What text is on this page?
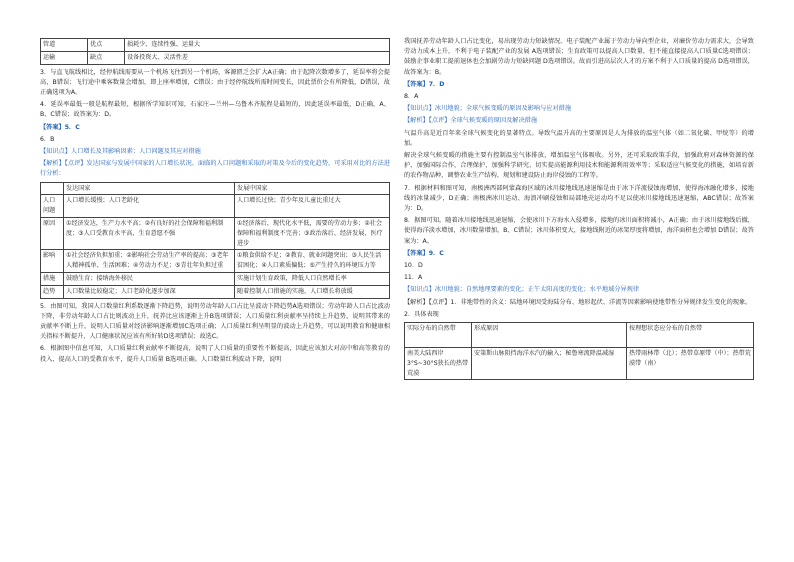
管道	优点	损耗少、连续性强、运量大
运输	缺点	设备投资大、灵活性差

3．与直飞航线相比，经停航线需要从一个机场飞往到另一个机场，客源匮乏会扩大A正确；由于起降次数增多了，延误率将会提高，B错误；飞行途中乘客数量会增加，即上座率增加，C错误；由于经停航线所需时间变长，因此票价会有所降低，D错误，故正确选项为A。

4．延误率最低一般是航程最短，根据所学知识可知，石家庄—兰州—乌鲁木齐航程是最短的，因此延误率最低，D正确，A、B、C错误；故答案为：D。

【答案】5．C

6．B

【知识点】人口增长及其影响因素；人口问题及其应对措施

【解析】【点评】发达国家与发展中国家的人口增长状况、面临的人口问题和采取的对策及今后的变化趋势，可采用对比的方法进行分析：

	发达国家	发展中国家
人口问题	人口增长缓慢；人口老龄化	人口增长过快；青少年及儿童比重过大
原因	①经济发达，生产力水平高；②有良好的社会保障和福利制度；③人口受教育水平高，生育意愿不强	①经济落后，现代化水平低，需要的劳动力多；②社会保障和福利制度不完善；③政治落后、经济发展、医疗进步
影响	①社会经济负担加重；②影响社会劳动生产率的提高；③老年人精神孤单、生活困难；④劳动力不足；⑤青壮年负担过重	①粮食供给不足；②教育、就业问题突出；③人民生活贫困化；④人口素质偏低；⑤产生持久的环境压力等
措施	鼓励生育；接纳海外移民	实施计划生育政策，降低人口自然增长率
趋势	人口数量比较稳定；人口老龄化逐步加深	随着控制人口措施的实施，人口增长将放缓

5．由图可知，我国人口数量红利系数逐渐下降趋势，说明劳动年龄人口占比呈波动下降趋势A选项错误；劳动年龄人口占比波动下降，非劳动年龄人口占比则波动上升，抚养比应该逐渐上升B选项错误；人口质量红利贡献率呈持续上升趋势，说明其带来的贡献率不断上升，说明人口质量对经济影响逐渐增加C选项正确；人口质量红利呈明显的波动上升趋势，可以说明教育和健康相关指标不断提升，人口健康状况应该有所好转D选项错误；故选C。

6．根据图中信息可知，人口质量红利贡献率不断提高，说明了人口质量的重要性不断提高，因此应该加大对高中和高等教育的投入，提高人口的受教育水平，提升人口质量 B选项正确。人口数量红利波动下降，说明

我国抚养劳动年龄人口占比变化，易出现劳动力短缺情况。电子装配产业属于劳动力导向型企业，对廉价劳动力需求大，会导致劳动力成本上升，不利于电子装配产业的发展 A选项错误；生育政策可以提高人口数量，但不能直接提高人口质量C选项错误；鼓励企事业职工提前退休也会加剧劳动力短缺问题 D选项错误。故而引进高层次人才的方案不利于人口质量的提高 D选项错误，故答案为：B。

【答案】7．D

8．A

【知识点】冰川地貌；全球气候变暖的原因及影响与应对措施

【解析】【点评】全球气候变暖的原因及解决措施

气温升高是近百年来全球气候变化的显著特点。导致气温升高的主要原因是人为排放的温室气体（如二氧化碳、甲烷等）的增加。

解决全球气候变暖的措施主要有控制温室气体排放，增加温室气体吸收。另外，还可采取政策手段，加强政府对森林资源的保护，加强国际合作，合理保护，加强科学研究、切实提高能源利用技术和能源利用效率等；采取适应气候变化的措施，如培育新的农作物品种，调整农业生产结构、规划和建设防止海岸侵蚀的工程等。

7．根据材料和图可知，南极洲西部阿蒙森海区域的冰川接地线迅速退缩是由于冰下洋流侵蚀海增加，使得海冰融化增多，接地线的冰量减少，D正确；南极洲冰川运动、海浪冲刷侵蚀和局部地壳运动均不足以使冰川接地线迅速退缩，ABC错误；故答案为：D。

8．据图可知，随着冰川接地线迅速退缩，会使冰川下方海水入侵增多，接地的冰川面积将减小，A正确；由于冰川接地线后撤，使得海洋淡水增加，冰川数量增加，B、C错误；冰川体积变大，接地线附近的冰架厚度将增加，海洋面积也会增加 D错误；故答案为：A。

【答案】9．C

10．D

11．A

【知识点】冰川地貌；自然地理要素的变化；正午太阳高度的变化；水平地域分异规律

【解析】【点评】1．非地带性的含义：陆地环境因受海陆分布、地形起伏、洋流等因素影响使地带性分异规律发生变化的现象。

2．具体表现

实际分布的自然带	形成原因	按理想状态应分布的自然带
南美大陆西岸3°S~30°S狭长的热带荒漠	安第斯山脉阻挡海洋水汽的输入；秘鲁寒流降温减湿	热带雨林带（北）；热带草原带（中）；热带荒漠带（南）
